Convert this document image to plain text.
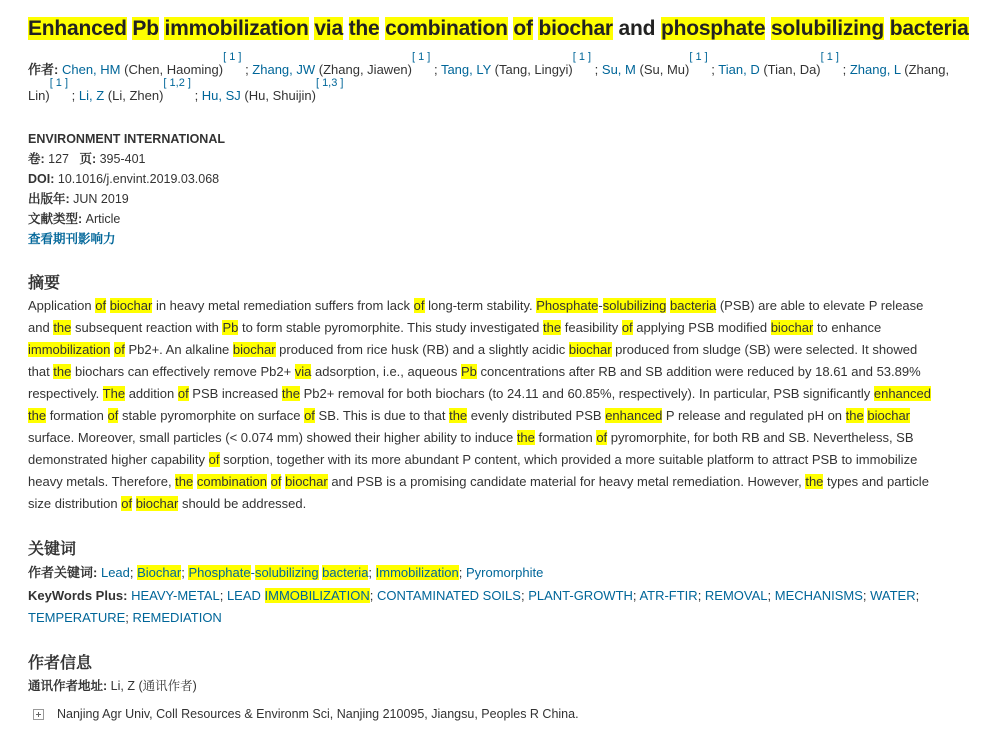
Enhanced Pb immobilization via the combination of biochar and phosphate solubilizing bacteria
作者: Chen, HM (Chen, Haoming)[ 1 ] ; Zhang, JW (Zhang, Jiawen)[ 1 ] ; Tang, LY (Tang, Lingyi)[ 1 ] ; Su, M (Su, Mu)[ 1 ] ; Tian, D (Tian, Da)[ 1 ] ; Zhang, L (Zhang, Lin)[ 1 ] ; Li, Z (Li, Zhen)[ 1,2 ] ; Hu, SJ (Hu, Shuijin)[ 1,3 ]
ENVIRONMENT INTERNATIONAL
卷: 127 页: 395-401
DOI: 10.1016/j.envint.2019.03.068
出版年: JUN 2019
文献类型: Article
查看期刊影响力
摘要

Application of biochar in heavy metal remediation suffers from lack of long-term stability. Phosphate-solubilizing bacteria (PSB) are able to elevate P release and the subsequent reaction with Pb to form stable pyromorphite. This study investigated the feasibility of applying PSB modified biochar to enhance immobilization of Pb2+. An alkaline biochar produced from rice husk (RB) and a slightly acidic biochar produced from sludge (SB) were selected. It showed that the biochars can effectively remove Pb2+ via adsorption, i.e., aqueous Pb concentrations after RB and SB addition were reduced by 18.61 and 53.89% respectively. The addition of PSB increased the Pb2+ removal for both biochars (to 24.11 and 60.85%, respectively). In particular, PSB significantly enhanced the formation of stable pyromorphite on surface of SB. This is due to that the evenly distributed PSB enhanced P release and regulated pH on the biochar surface. Moreover, small particles (< 0.074 mm) showed their higher ability to induce the formation of pyromorphite, for both RB and SB. Nevertheless, SB demonstrated higher capability of sorption, together with its more abundant P content, which provided a more suitable platform to attract PSB to immobilize heavy metals. Therefore, the combination of biochar and PSB is a promising candidate material for heavy metal remediation. However, the types and particle size distribution of biochar should be addressed.

关键词
作者关键词: Lead; Biochar; Phosphate-solubilizing bacteria; Immobilization; Pyromorphite
KeyWords Plus: HEAVY-METAL; LEAD IMMOBILIZATION; CONTAMINATED SOILS; PLANT-GROWTH; ATR-FTIR; REMOVAL; MECHANISMS; WATER; TEMPERATURE; REMEDIATION
作者信息
通讯作者地址: Li, Z (通讯作者)
Nanjing Agr Univ, Coll Resources & Environm Sci, Nanjing 210095, Jiangsu, Peoples R China.
